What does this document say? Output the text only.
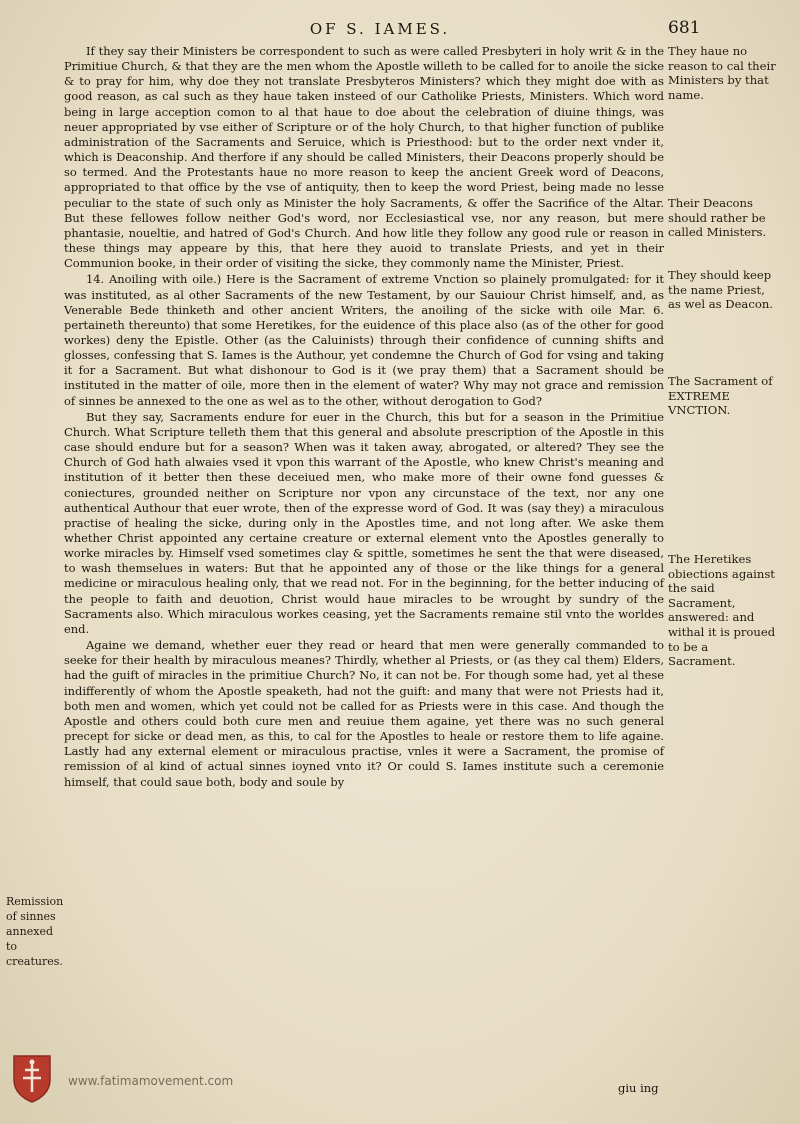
OF S. IAMES.	681

If they say their Ministers be correspondent to such as were called Presbyteri in holy writ & in the Primitiue Church, & that they are the men whom the Apostle willeth to be called for to anoile the sicke & to pray for him, why doe they not translate Presbyteros Ministers? which they might doe with as good reason, as cal such as they haue taken insteed of our Catholike Priests, Ministers. Which word being in large acception comon to al that haue to doe about the celebration of diuine things, was neuer appropriated by vse either of Scripture or of the holy Church, to that higher function of publike administration of the Sacraments and Seruice, which is Priesthood: but to the order next vnder it, which is Deaconship. And therfore if any should be called Ministers, their Deacons properly should be so termed. And the Protestants haue no more reason to keep the ancient Greek word of Deacons, appropriated to that office by the vse of antiquity, then to keep the word Priest, being made no lesse peculiar to the state of such only as Minister the holy Sacraments, & offer the Sacrifice of the Altar. But these fellowes follow neither God's word, nor Ecclesiastical vse, nor any reason, but mere phantasie, noueltie, and hatred of God's Church. And how litle they follow any good rule or reason in these things may appeare by this, that here they auoid to translate Priests, and yet in their Communion booke, in their order of visiting the sicke, they commonly name the Minister, Priest.

14. Anoiling with oile.) Here is the Sacrament of extreme Vnction so plainely promulgated: for it was instituted, as al other Sacraments of the new Testament, by our Sauiour Christ himself, and, as Venerable Bede thinketh and other ancient Writers, the anoiling of the sicke with oile Mar. 6. pertaineth thereunto) that some Heretikes, for the euidence of this place also (as of the other for good workes) deny the Epistle. Other (as the Caluinists) through their confidence of cunning shifts and glosses, confessing that S. Iames is the Authour, yet condemne the Church of God for vsing and taking it for a Sacrament. But what dishonour to God is it (we pray them) that a Sacrament should be instituted in the matter of oile, more then in the element of water? Why may not grace and remission of sinnes be annexed to the one as wel as to the other, without derogation to God?

But they say, Sacraments endure for euer in the Church, this but for a season in the Primitiue Church. What Scripture telleth them that this general and absolute prescription of the Apostle in this case should endure but for a season? When was it taken away, abrogated, or altered? They see the Church of God hath alwaies vsed it vpon this warrant of the Apostle, who knew Christ's meaning and institution of it better then these deceiued men, who make more of their owne fond guesses & coniectures, grounded neither on Scripture nor vpon any circunstace of the text, nor any one authentical Authour that euer wrote, then of the expresse word of God. It was (say they) a miraculous practise of healing the sicke, during only in the Apostles time, and not long after. We aske them whether Christ appointed any certaine creature or external element vnto the Apostles generally to worke miracles by. Himself vsed sometimes clay & spittle, sometimes he sent the that were diseased, to wash themselues in waters: But that he appointed any of those or the like things for a general medicine or miraculous healing only, that we read not. For in the beginning, for the better inducing of the people to faith and deuotion, Christ would haue miracles to be wrought by sundry of the Sacraments also. Which miraculous workes ceasing, yet the Sacraments remaine stil vnto the worldes end.

Againe we demand, whether euer they read or heard that men were generally commanded to seeke for their health by miraculous meanes? Thirdly, whether al Priests, or (as they cal them) Elders, had the guift of miracles in the primitiue Church? No, it can not be. For though some had, yet al these indifferently of whom the Apostle speaketh, had not the guift: and many that were not Priests had it, both men and women, which yet could not be called for as Priests were in this case. And though the Apostle and others could both cure men and reuiue them againe, yet there was no such general precept for sicke or dead men, as this, to cal for the Apostles to heale or restore them to life againe. Lastly had any external element or miraculous practise, vnles it were a Sacrament, the promise of remission of al kind of actual sinnes ioyned vnto it? Or could S. Iames institute such a ceremonie himself, that could saue both, body and soule by

They haue no reason to cal their Ministers by that name.
Their Deacons should rather be called Ministers.
They should keep the name Priest, as wel as Deacon.
The Sacrament of EXTREME VNCTION.
The Heretikes obiections against the said Sacrament, answered: and withal it is proued to be a Sacrament.
Remission of sinnes annexed to creatures.
giu ing
www.fatimamovement.com
